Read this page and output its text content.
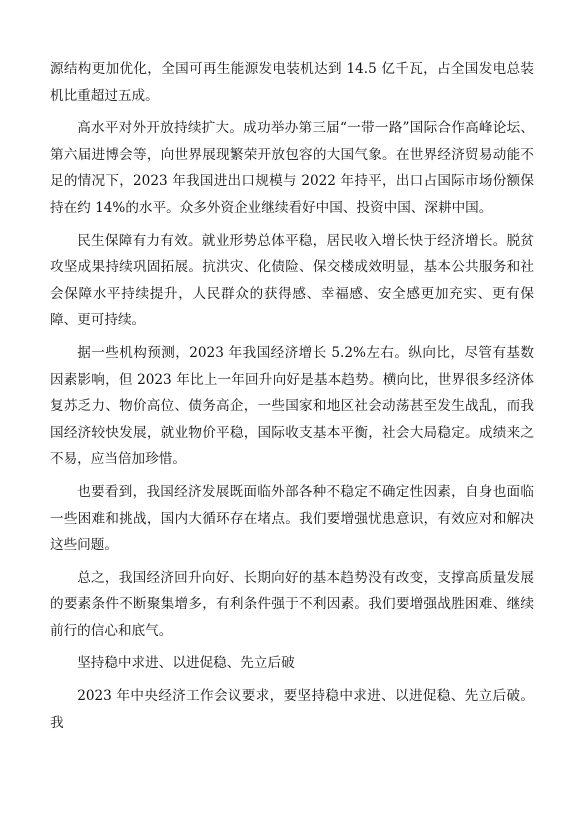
源结构更加优化，全国可再生能源发电装机达到 14.5 亿千瓦，占全国发电总装机比重超过五成。

高水平对外开放持续扩大。成功举办第三届“一带一路”国际合作高峰论坛、第六届进博会等，向世界展现繁荣开放包容的大国气象。在世界经济贸易动能不足的情况下，2023 年我国进出口规模与 2022 年持平，出口占国际市场份额保持在约 14%的水平。众多外资企业继续看好中国、投资中国、深耕中国。

民生保障有力有效。就业形势总体平稳，居民收入增长快于经济增长。脱贫攻坚成果持续巩固拓展。抗洪灾、化债险、保交楼成效明显，基本公共服务和社会保障水平持续提升，人民群众的获得感、幸福感、安全感更加充实、更有保障、更可持续。

据一些机构预测，2023 年我国经济增长 5.2%左右。纵向比，尽管有基数因素影响，但 2023 年比上一年回升向好是基本趋势。横向比，世界很多经济体复苏乏力、物价高位、债务高企，一些国家和地区社会动荡甚至发生战乱，而我国经济较快发展，就业物价平稳，国际收支基本平衡，社会大局稳定。成绩来之不易，应当倍加珍惜。

也要看到，我国经济发展既面临外部各种不稳定不确定性因素，自身也面临一些困难和挑战，国内大循环存在堵点。我们要增强忧患意识，有效应对和解决这些问题。

总之，我国经济回升向好、长期向好的基本趋势没有改变，支撑高质量发展的要素条件不断聚集增多，有利条件强于不利因素。我们要增强战胜困难、继续前行的信心和底气。

坚持稳中求进、以进促稳、先立后破

2023 年中央经济工作会议要求，要坚持稳中求进、以进促稳、先立后破。我
